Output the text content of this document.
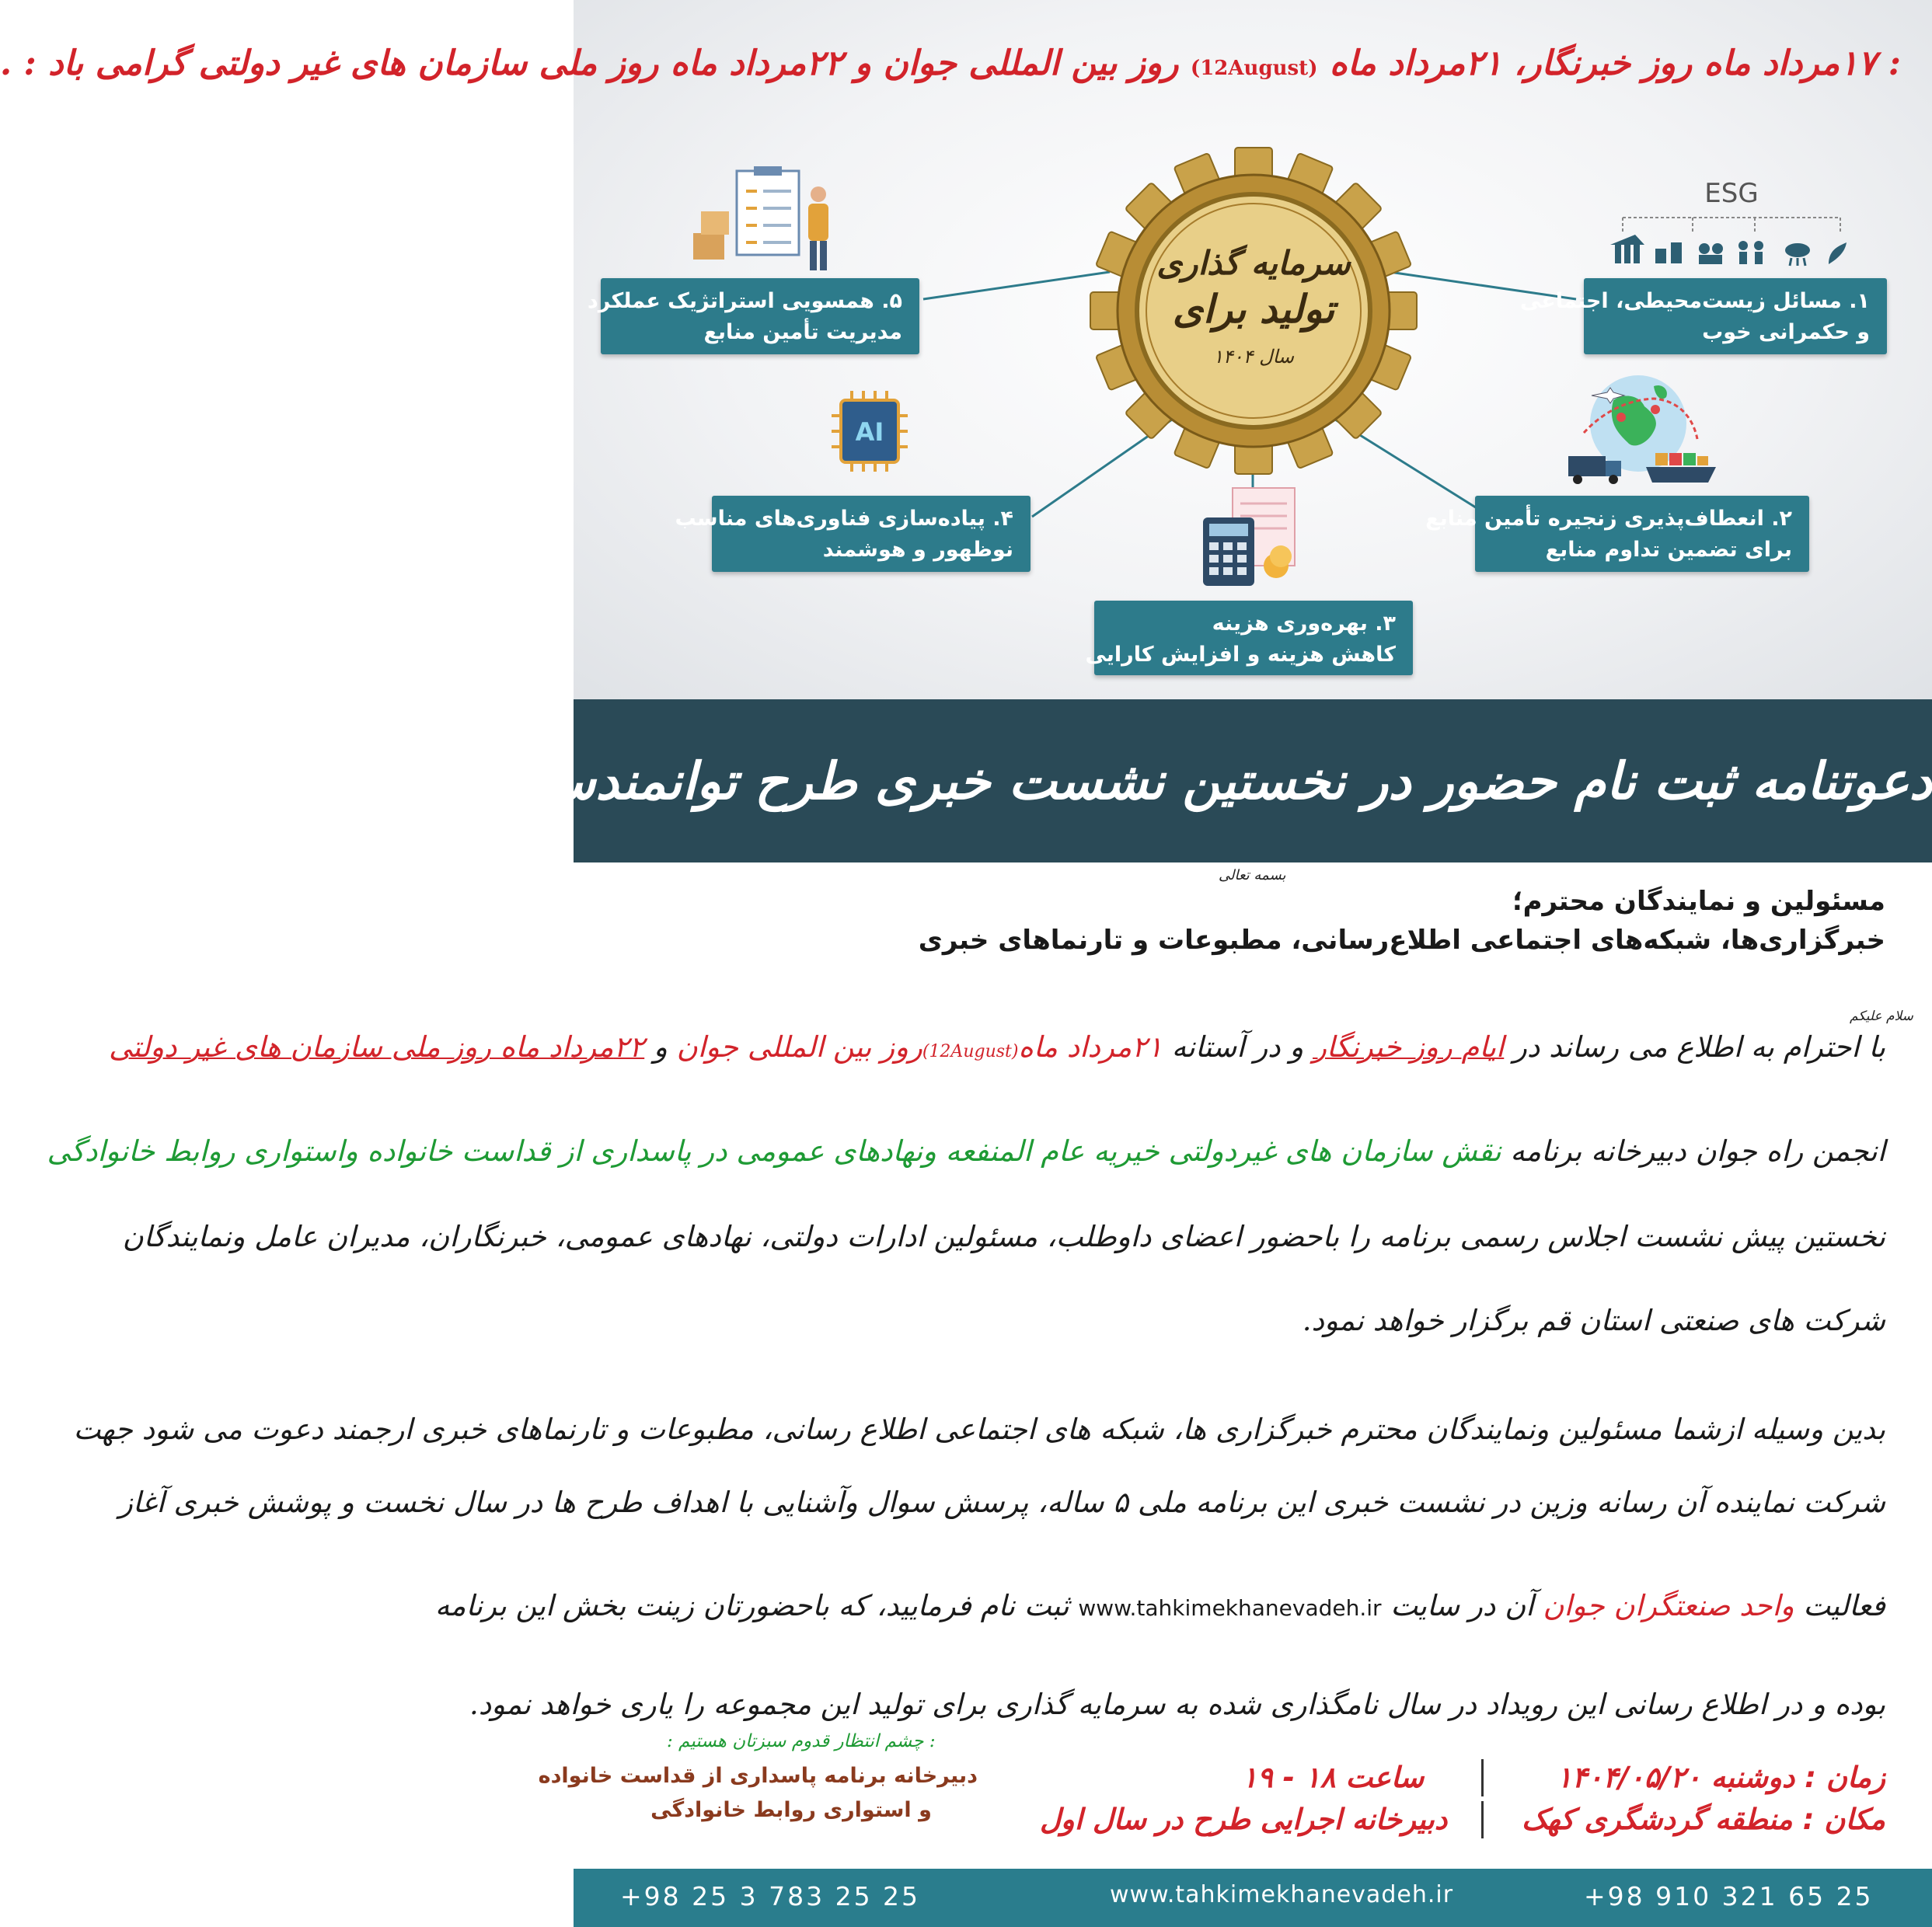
: ۱۷مرداد ماه روز خبرنگار، ۲۱مرداد ماه (12August) روز بین المللی جوان و ۲۲مرداد ماه روز ملی سازمان های غیر دولتی گرامی باد : .
سرمایه گذاری
تولید برای
سال ۱۴۰۴
ESG
AI
۱. مسائل زیست‌محیطی، اجتماعی
و حکمرانی خوب
۵. همسویی استراتژیک عملکرد
مدیریت تأمین منابع
۲. انعطاف‌پذیری زنجیره تأمین منابع
برای تضمین تداوم منابع
۴. پیاده‌سازی فناوری‌های مناسب
نوظهور و هوشمند
۳. بهره‌وری هزینه
کاهش هزینه و افزایش کارایی
دعوتنامه ثبت نام حضور در نخستین نشست خبری طرح توانمندسازی صنعتگران جوان
بسمه تعالی
مسئولین و نمایندگان محترم؛
خبرگزاری‌ها، شبکه‌های اجتماعی اطلاع‌رسانی، مطبوعات و تارنماهای خبری
سلام علیکم
با احترام به اطلاع می رساند در ایام روز خبرنگار و در آستانه ۲۱مرداد ماه(12August)روز بین المللی جوان و ۲۲مرداد ماه روز ملی سازمان های غیر دولتی
انجمن راه جوان دبیرخانه برنامه نقش سازمان های غیردولتی خیریه عام المنفعه ونهادهای عمومی در پاسداری از قداست خانواده واستواری روابط خانوادگی
نخستین پیش نشست اجلاس رسمی برنامه را باحضور اعضای داوطلب، مسئولین ادارات دولتی، نهادهای عمومی، خبرنگاران، مدیران عامل ونمایندگان
شرکت های صنعتی استان قم برگزار خواهد نمود.
بدین وسیله ازشما مسئولین ونمایندگان محترم خبرگزاری ها، شبکه های اجتماعی اطلاع رسانی، مطبوعات و تارنماهای خبری ارجمند دعوت می شود جهت
شرکت نماینده آن رسانه وزین در نشست خبری این برنامه ملی ۵ ساله، پرسش سوال وآشنایی با اهداف طرح ها در سال نخست و پوشش خبری آغاز
فعالیت واحد صنعتگران جوان آن در سایت www.tahkimekhanevadeh.ir ثبت نام فرمایید، که باحضورتان زینت بخش این برنامه
بوده و در اطلاع رسانی این رویداد در سال نامگذاری شده به سرمایه گذاری برای تولید این مجموعه را یاری خواهد نمود.
: چشم انتظار قدوم سبزتان هستیم :
دبیرخانه برنامه پاسداری از قداست خانواده
و استواری روابط خانوادگی
زمان : دوشنبه ۱۴۰۴/۰۵/۲۰
ساعت ۱۸ - ۱۹
مکان : منطقه گردشگری کهک
دبیرخانه اجرایی طرح در سال اول
+98 25 3 783 25 25	www.tahkimekhanevadeh.ir	+98 910 321 65 25
